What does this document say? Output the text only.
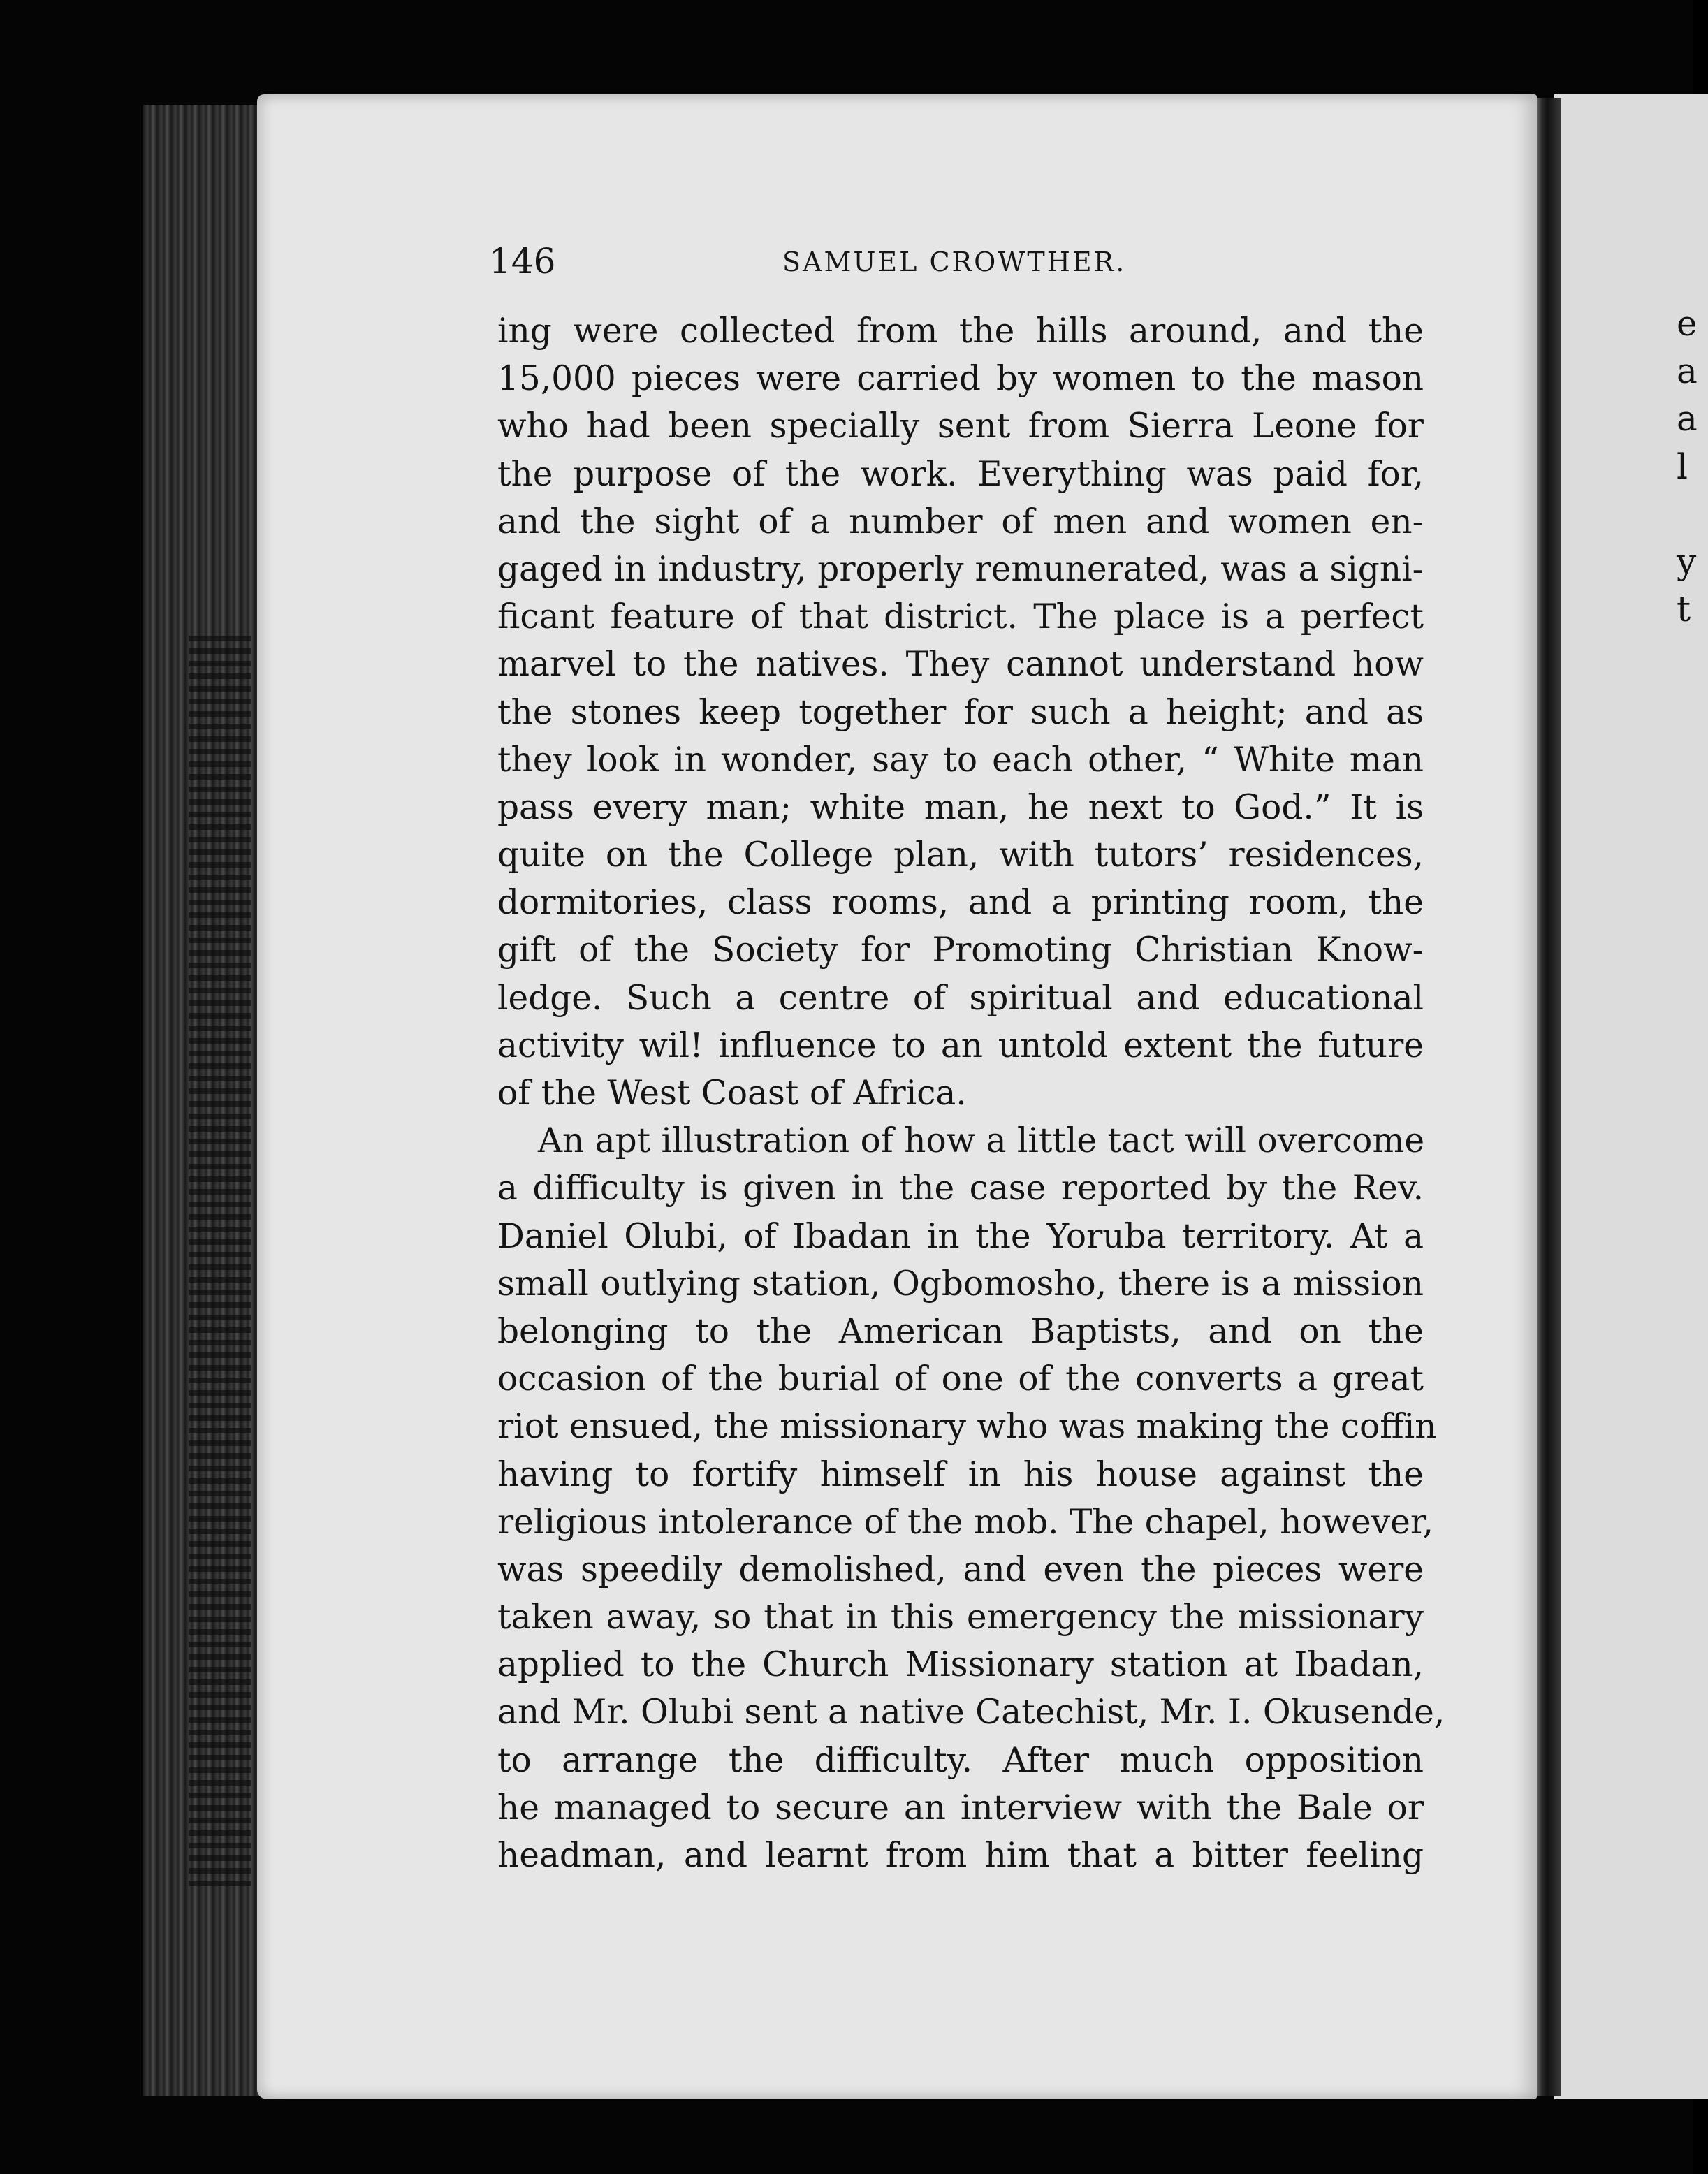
e
a
a
l
y
t
146	SAMUEL CROWTHER.
ing were collected from the hills around, and the
15,000 pieces were carried by women to the mason
who had been specially sent from Sierra Leone for
the purpose of the work. Everything was paid for,
and the sight of a number of men and women en-
gaged in industry, properly remunerated, was a signi-
ficant feature of that district. The place is a perfect
marvel to the natives. They cannot understand how
the stones keep together for such a height; and as
they look in wonder, say to each other, “ White man
pass every man; white man, he next to God.” It is
quite on the College plan, with tutors’ residences,
dormitories, class rooms, and a printing room, the
gift of the Society for Promoting Christian Know-
ledge. Such a centre of spiritual and educational
activity wil! influence to an untold extent the future
of the West Coast of Africa.
An apt illustration of how a little tact will overcome
a difficulty is given in the case reported by the Rev.
Daniel Olubi, of Ibadan in the Yoruba territory. At a
small outlying station, Ogbomosho, there is a mission
belonging to the American Baptists, and on the
occasion of the burial of one of the converts a great
riot ensued, the missionary who was making the coffin
having to fortify himself in his house against the
religious intolerance of the mob. The chapel, however,
was speedily demolished, and even the pieces were
taken away, so that in this emergency the missionary
applied to the Church Missionary station at Ibadan,
and Mr. Olubi sent a native Catechist, Mr. I. Okusende,
to arrange the difficulty. After much opposition
he managed to secure an interview with the Bale or
headman, and learnt from him that a bitter feeling
